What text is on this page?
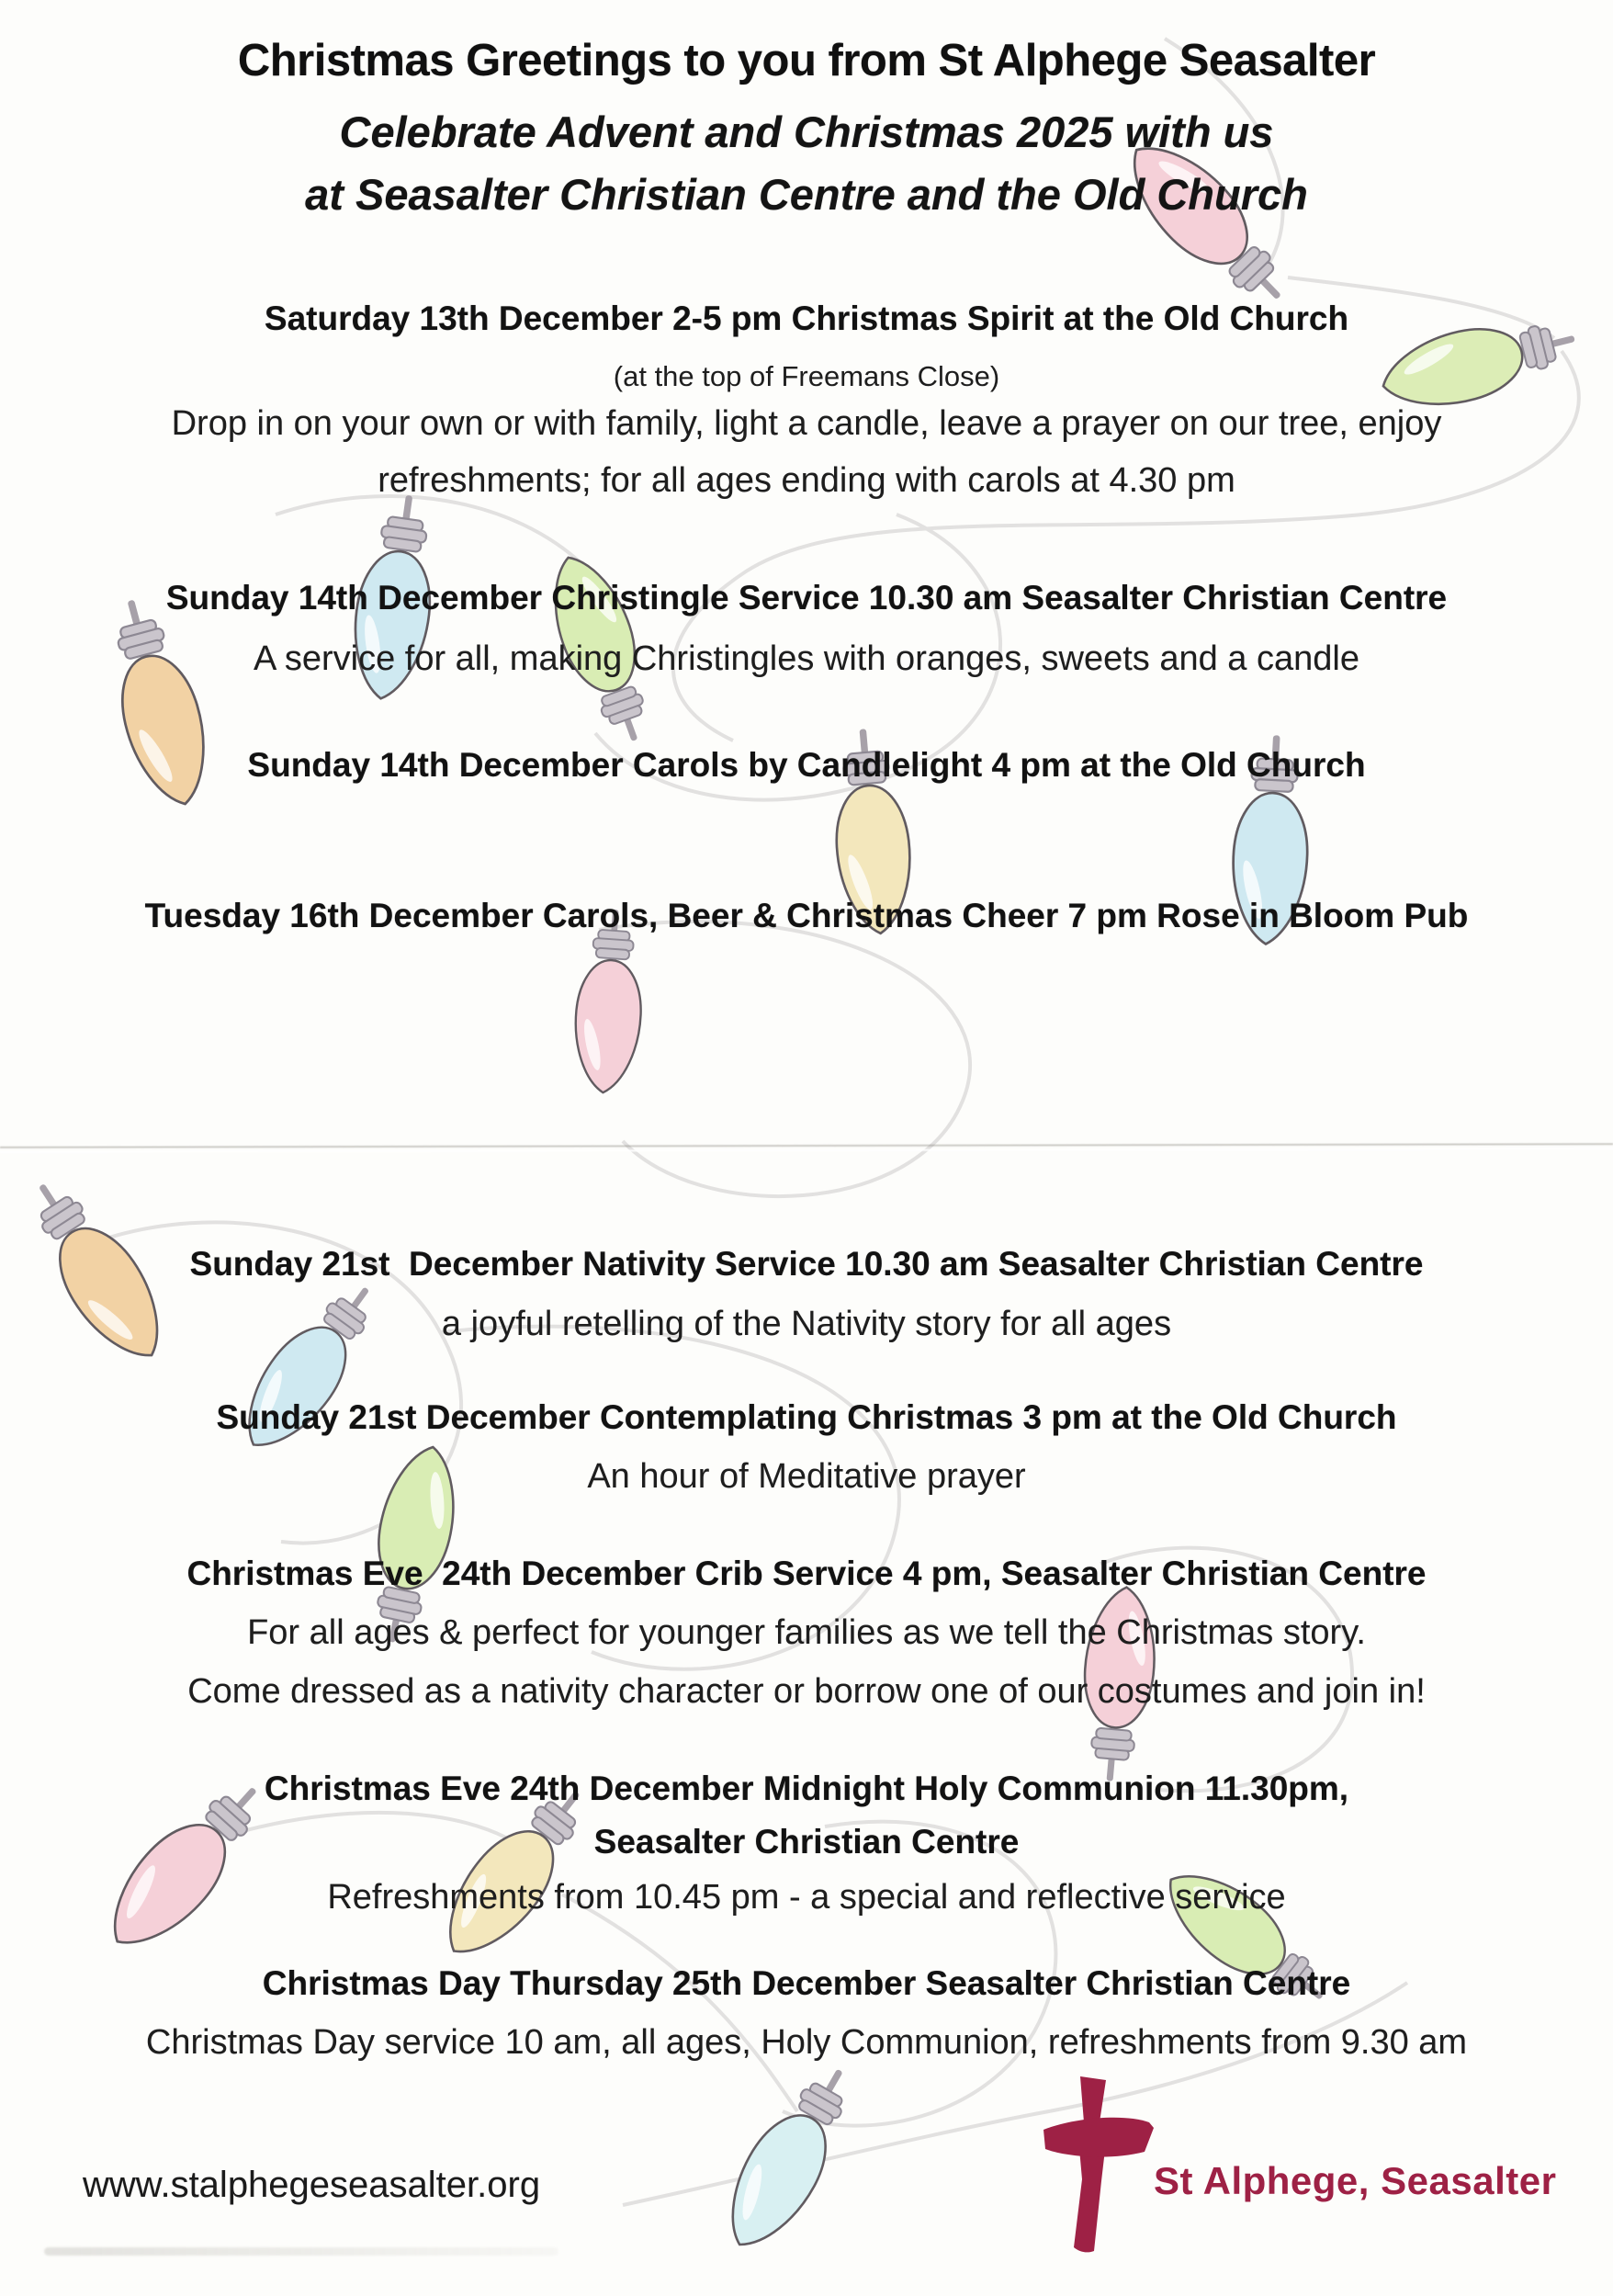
Christmas Greetings to you from St Alphege Seasalter
Celebrate Advent and Christmas 2025 with us
at Seasalter Christian Centre and the Old Church
Saturday 13th December 2-5 pm Christmas Spirit at the Old Church
(at the top of Freemans Close)
Drop in on your own or with family, light a candle, leave a prayer on our tree, enjoy
refreshments; for all ages ending with carols at 4.30 pm
Sunday 14th December Christingle Service 10.30 am Seasalter Christian Centre
A service for all, making Christingles with oranges, sweets and a candle
Sunday 14th December Carols by Candlelight 4 pm at the Old Church
Tuesday 16th December Carols, Beer & Christmas Cheer 7 pm Rose in Bloom Pub
Sunday 21st  December Nativity Service 10.30 am Seasalter Christian Centre
a joyful retelling of the Nativity story for all ages
Sunday 21st December Contemplating Christmas 3 pm at the Old Church
An hour of Meditative prayer
Christmas Eve  24th December Crib Service 4 pm, Seasalter Christian Centre
For all ages & perfect for younger families as we tell the Christmas story.
Come dressed as a nativity character or borrow one of our costumes and join in!
Christmas Eve 24th December Midnight Holy Communion 11.30pm,
Seasalter Christian Centre
Refreshments from 10.45 pm - a special and reflective service
Christmas Day Thursday 25th December Seasalter Christian Centre
Christmas Day service 10 am, all ages, Holy Communion, refreshments from 9.30 am
www.stalphegeseasalter.org	St Alphege, Seasalter
